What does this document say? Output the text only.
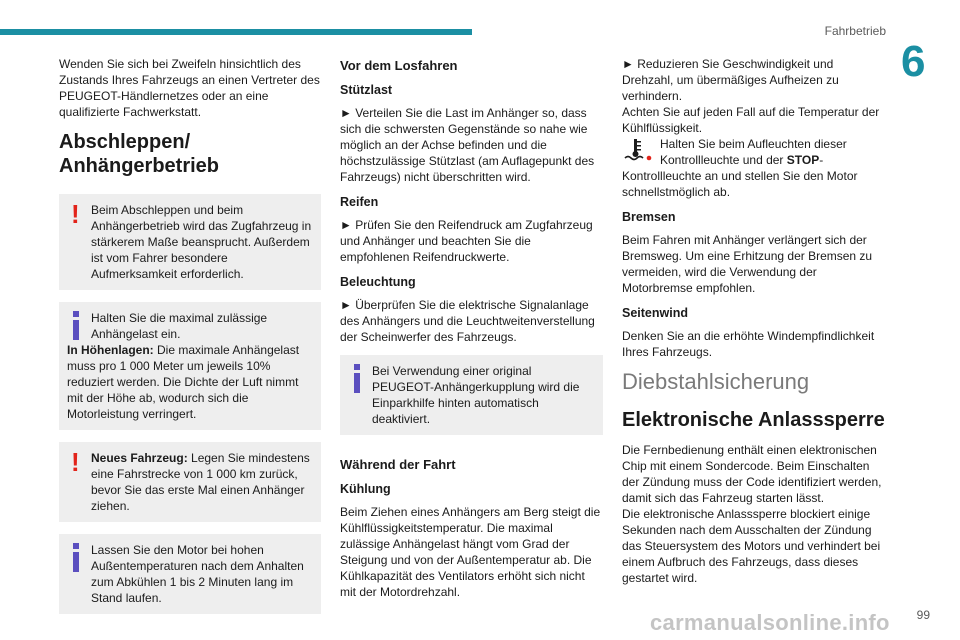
Fahrbetrieb
6

Wenden Sie sich bei Zweifeln hinsichtlich des Zustands Ihres Fahrzeugs an einen Vertreter des PEUGEOT-Händlernetzes oder an eine qualifizierte Fachwerkstatt.

Abschleppen/ Anhängerbetrieb
! Beim Abschleppen und beim Anhängerbetrieb wird das Zugfahrzeug in stärkerem Maße beansprucht. Außerdem ist vom Fahrer besondere Aufmerksamkeit erforderlich.
Halten Sie die maximal zulässige Anhängelast ein.
In Höhenlagen: Die maximale Anhängelast muss pro 1 000 Meter um jeweils 10% reduziert werden. Die Dichte der Luft nimmt mit der Höhe ab, wodurch sich die Motorleistung verringert.
! Neues Fahrzeug: Legen Sie mindestens eine Fahrstrecke von 1 000 km zurück, bevor Sie das erste Mal einen Anhänger ziehen.
Lassen Sie den Motor bei hohen Außentemperaturen nach dem Anhalten zum Abkühlen 1 bis 2 Minuten lang im Stand laufen.
Vor dem Losfahren
Stützlast

► Verteilen Sie die Last im Anhänger so, dass sich die schwersten Gegenstände so nahe wie möglich an der Achse befinden und die höchstzulässige Stützlast (am Auflagepunkt des Fahrzeugs) nicht überschritten wird.

Reifen

► Prüfen Sie den Reifendruck am Zugfahrzeug und Anhänger und beachten Sie die empfohlenen Reifendruckwerte.

Beleuchtung

► Überprüfen Sie die elektrische Signalanlage des Anhängers und die Leuchtweitenverstellung der Scheinwerfer des Fahrzeugs.

Bei Verwendung einer original PEUGEOT-Anhängerkupplung wird die Einparkhilfe hinten automatisch deaktiviert.
Während der Fahrt
Kühlung

Beim Ziehen eines Anhängers am Berg steigt die Kühlflüssigkeitstemperatur. Die maximal zulässige Anhängelast hängt vom Grad der Steigung und von der Außentemperatur ab. Die Kühlkapazität des Ventilators erhöht sich nicht mit der Motordrehzahl.

► Reduzieren Sie Geschwindigkeit und Drehzahl, um übermäßiges Aufheizen zu verhindern.

Achten Sie auf jeden Fall auf die Temperatur der Kühlflüssigkeit.

Halten Sie beim Aufleuchten dieser Kontrollleuchte und der STOP-Kontrollleuchte an und stellen Sie den Motor schnellstmöglich ab.

Bremsen

Beim Fahren mit Anhänger verlängert sich der Bremsweg. Um eine Erhitzung der Bremsen zu vermeiden, wird die Verwendung der Motorbremse empfohlen.

Seitenwind

Denken Sie an die erhöhte Windempfindlichkeit Ihres Fahrzeugs.

Diebstahlsicherung
Elektronische Anlasssperre

Die Fernbedienung enthält einen elektronischen Chip mit einem Sondercode. Beim Einschalten der Zündung muss der Code identifiziert werden, damit sich das Fahrzeug starten lässt.

Die elektronische Anlasssperre blockiert einige Sekunden nach dem Ausschalten der Zündung das Steuersystem des Motors und verhindert bei einem Aufbruch des Fahrzeugs, dass dieses gestartet wird.

carmanualsonline.info 99
